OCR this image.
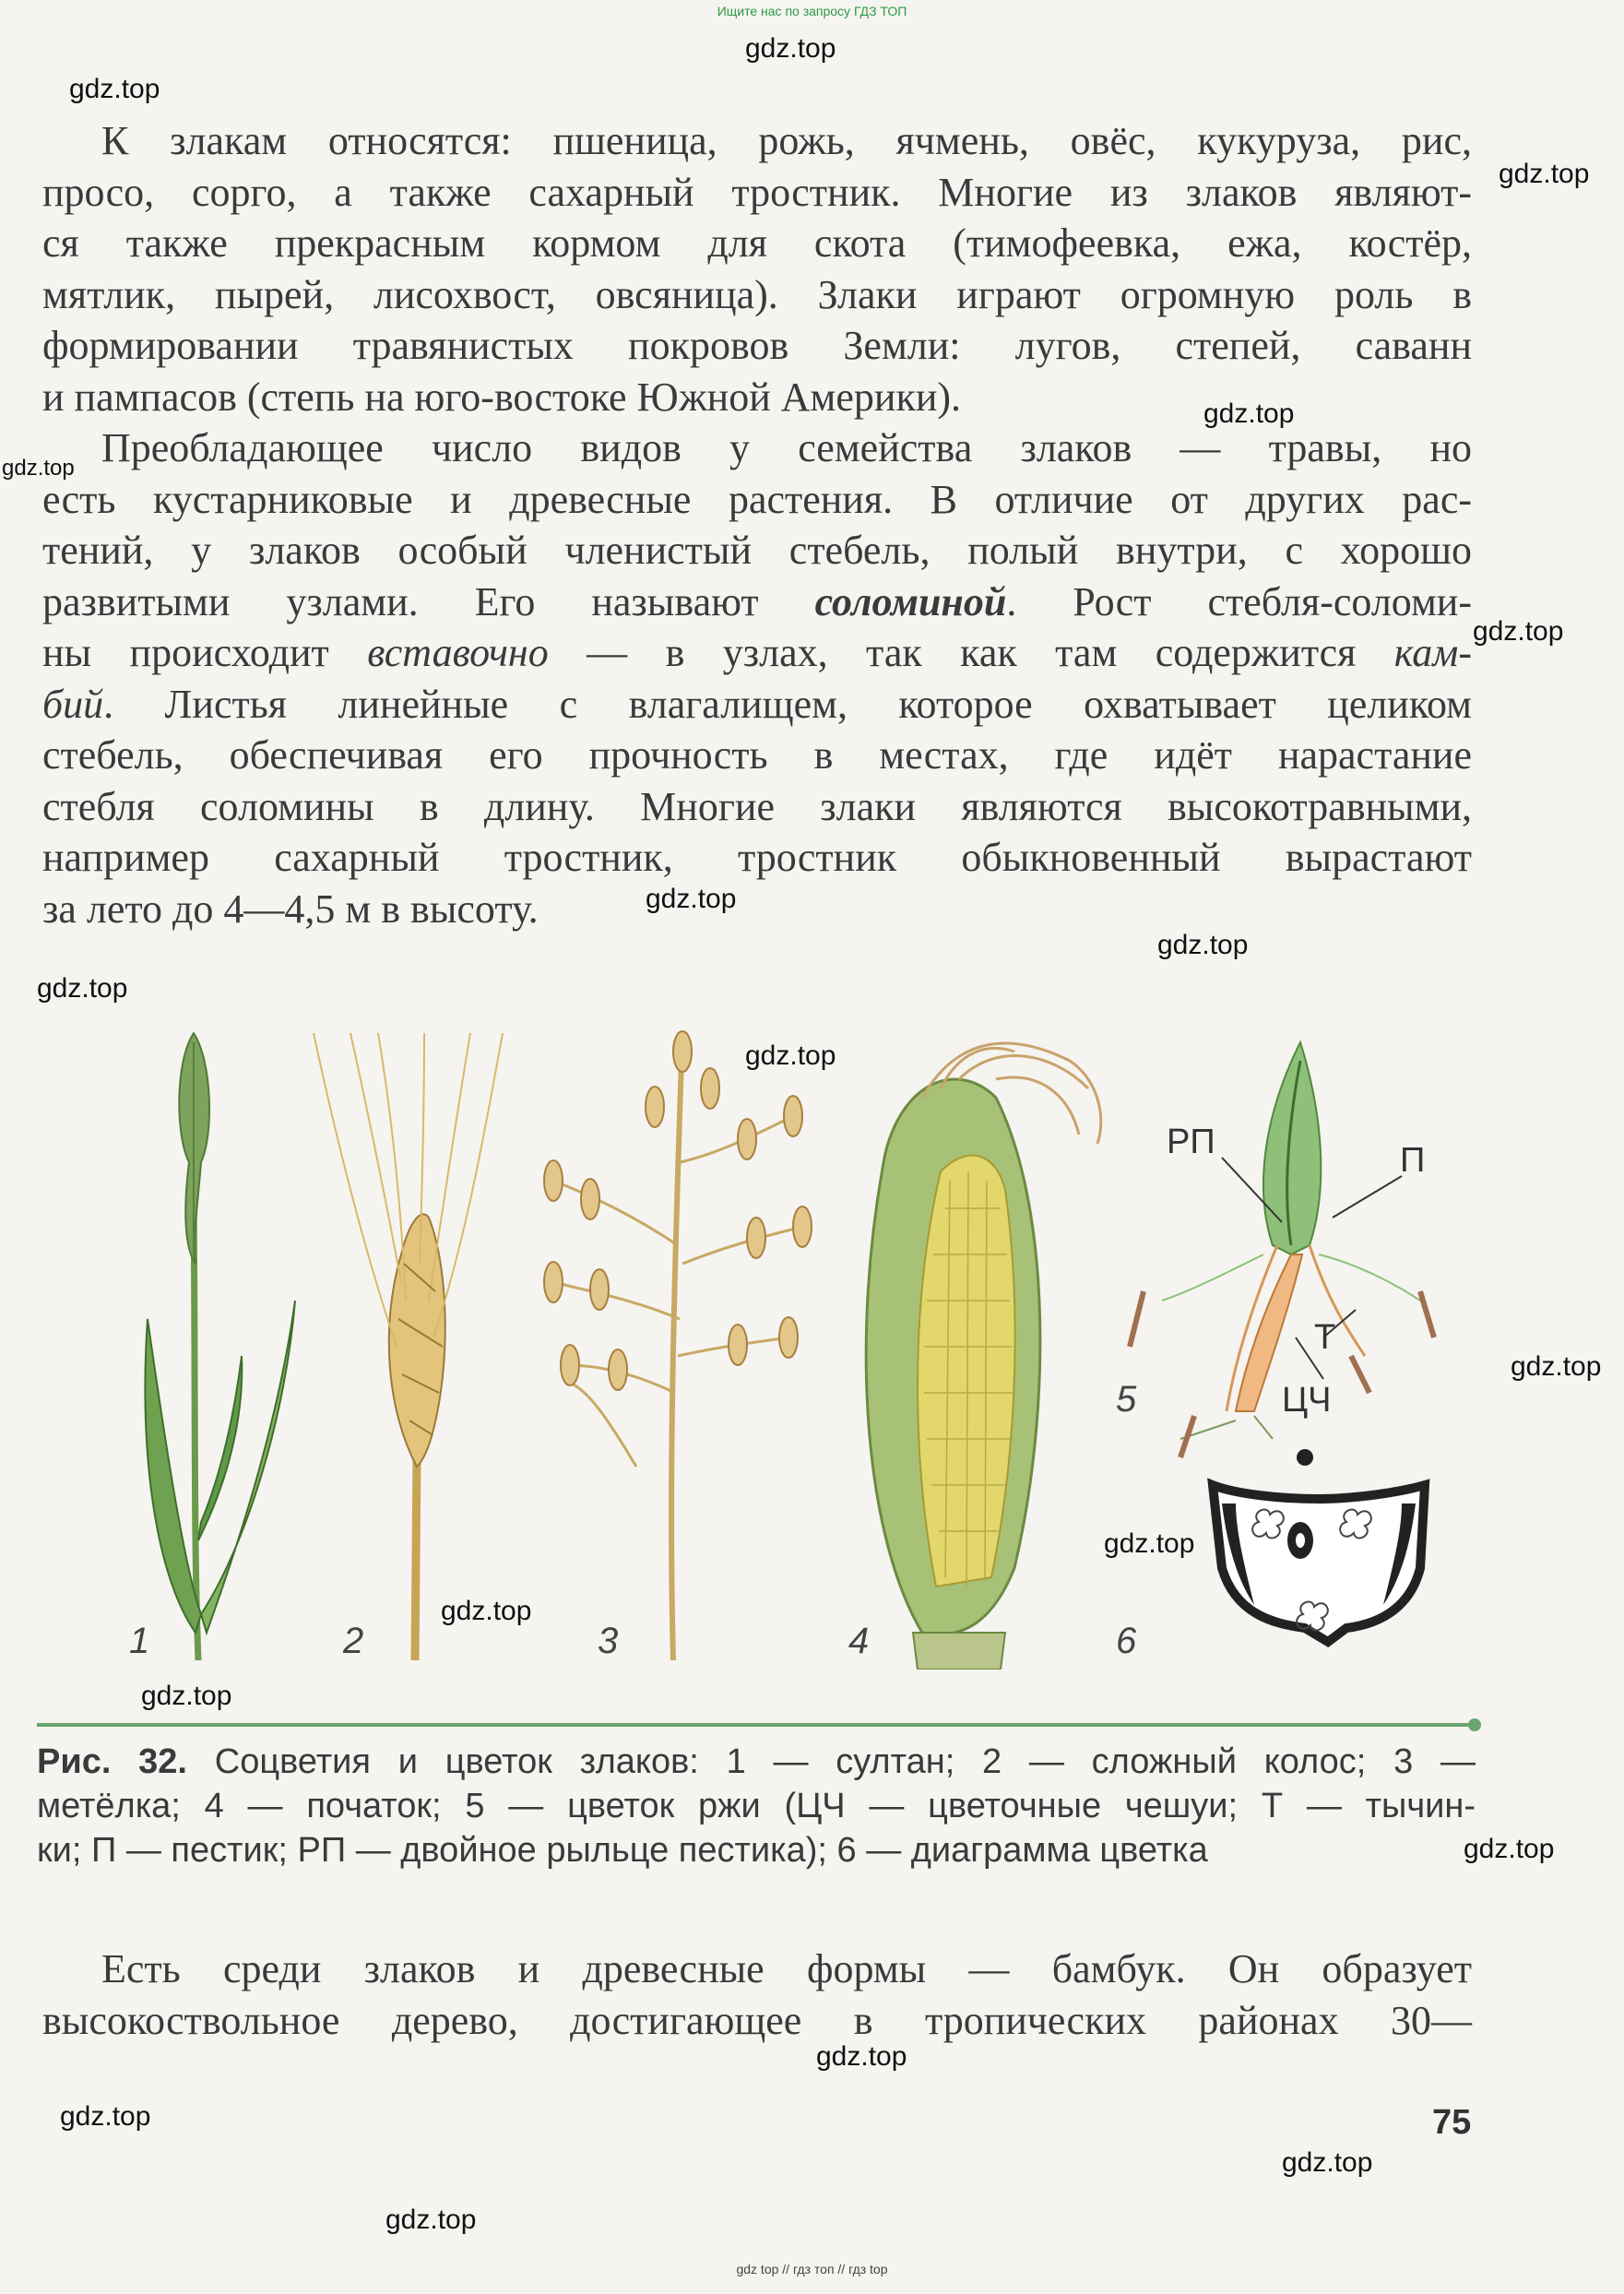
Ищите нас по запросу ГДЗ ТОП
К злакам относятся: пшеница, рожь, ячмень, овёс, кукуруза, рис,
просо, сорго, а также сахарный тростник. Многие из злаков являют-
ся также прекрасным кормом для скота (тимофеевка, ежа, костёр,
мятлик, пырей, лисохвост, овсяница). Злаки играют огромную роль в
формировании травянистых покровов Земли: лугов, степей, саванн
и пампасов (степь на юго-востоке Южной Америки).
Преобладающее число видов у семейства злаков — травы, но
есть кустарниковые и древесные растения. В отличие от других рас-
тений, у злаков особый членистый стебель, полый внутри, с хорошо
развитыми узлами. Его называют соломиной. Рост стебля-соломи-
ны происходит вставочно — в узлах, так как там содержится кам-
бий. Листья линейные с влагалищем, которое охватывает целиком
стебель, обеспечивая его прочность в местах, где идёт нарастание
стебля соломины в длину. Многие злаки являются высокотравными,
например сахарный тростник, тростник обыкновенный вырастают
за лето до 4—4,5 м в высоту.
1	2	3	4
5
6
РП	П
Т
ЦЧ
Рис. 32. Соцветия и цветок злаков: 1 — султан; 2 — сложный колос; 3 —
метёлка; 4 — початок; 5 — цветок ржи (ЦЧ — цветочные чешуи; Т — тычин-
ки; П — пестик; РП — двойное рыльце пестика); 6 — диаграмма цветка
Есть среди злаков и древесные формы — бамбук. Он образует
высокоствольное дерево, достигающее в тропических районах 30—
75
gdz.top
gdz.top
gdz.top
gdz.top
gdz.top
gdz.top
gdz.top
gdz.top
gdz.top
gdz.top
gdz.top
gdz.top
gdz.top
gdz.top
gdz.top
gdz.top
gdz.top
gdz.top
gdz.top
gdz top // гдз топ // гдз top
